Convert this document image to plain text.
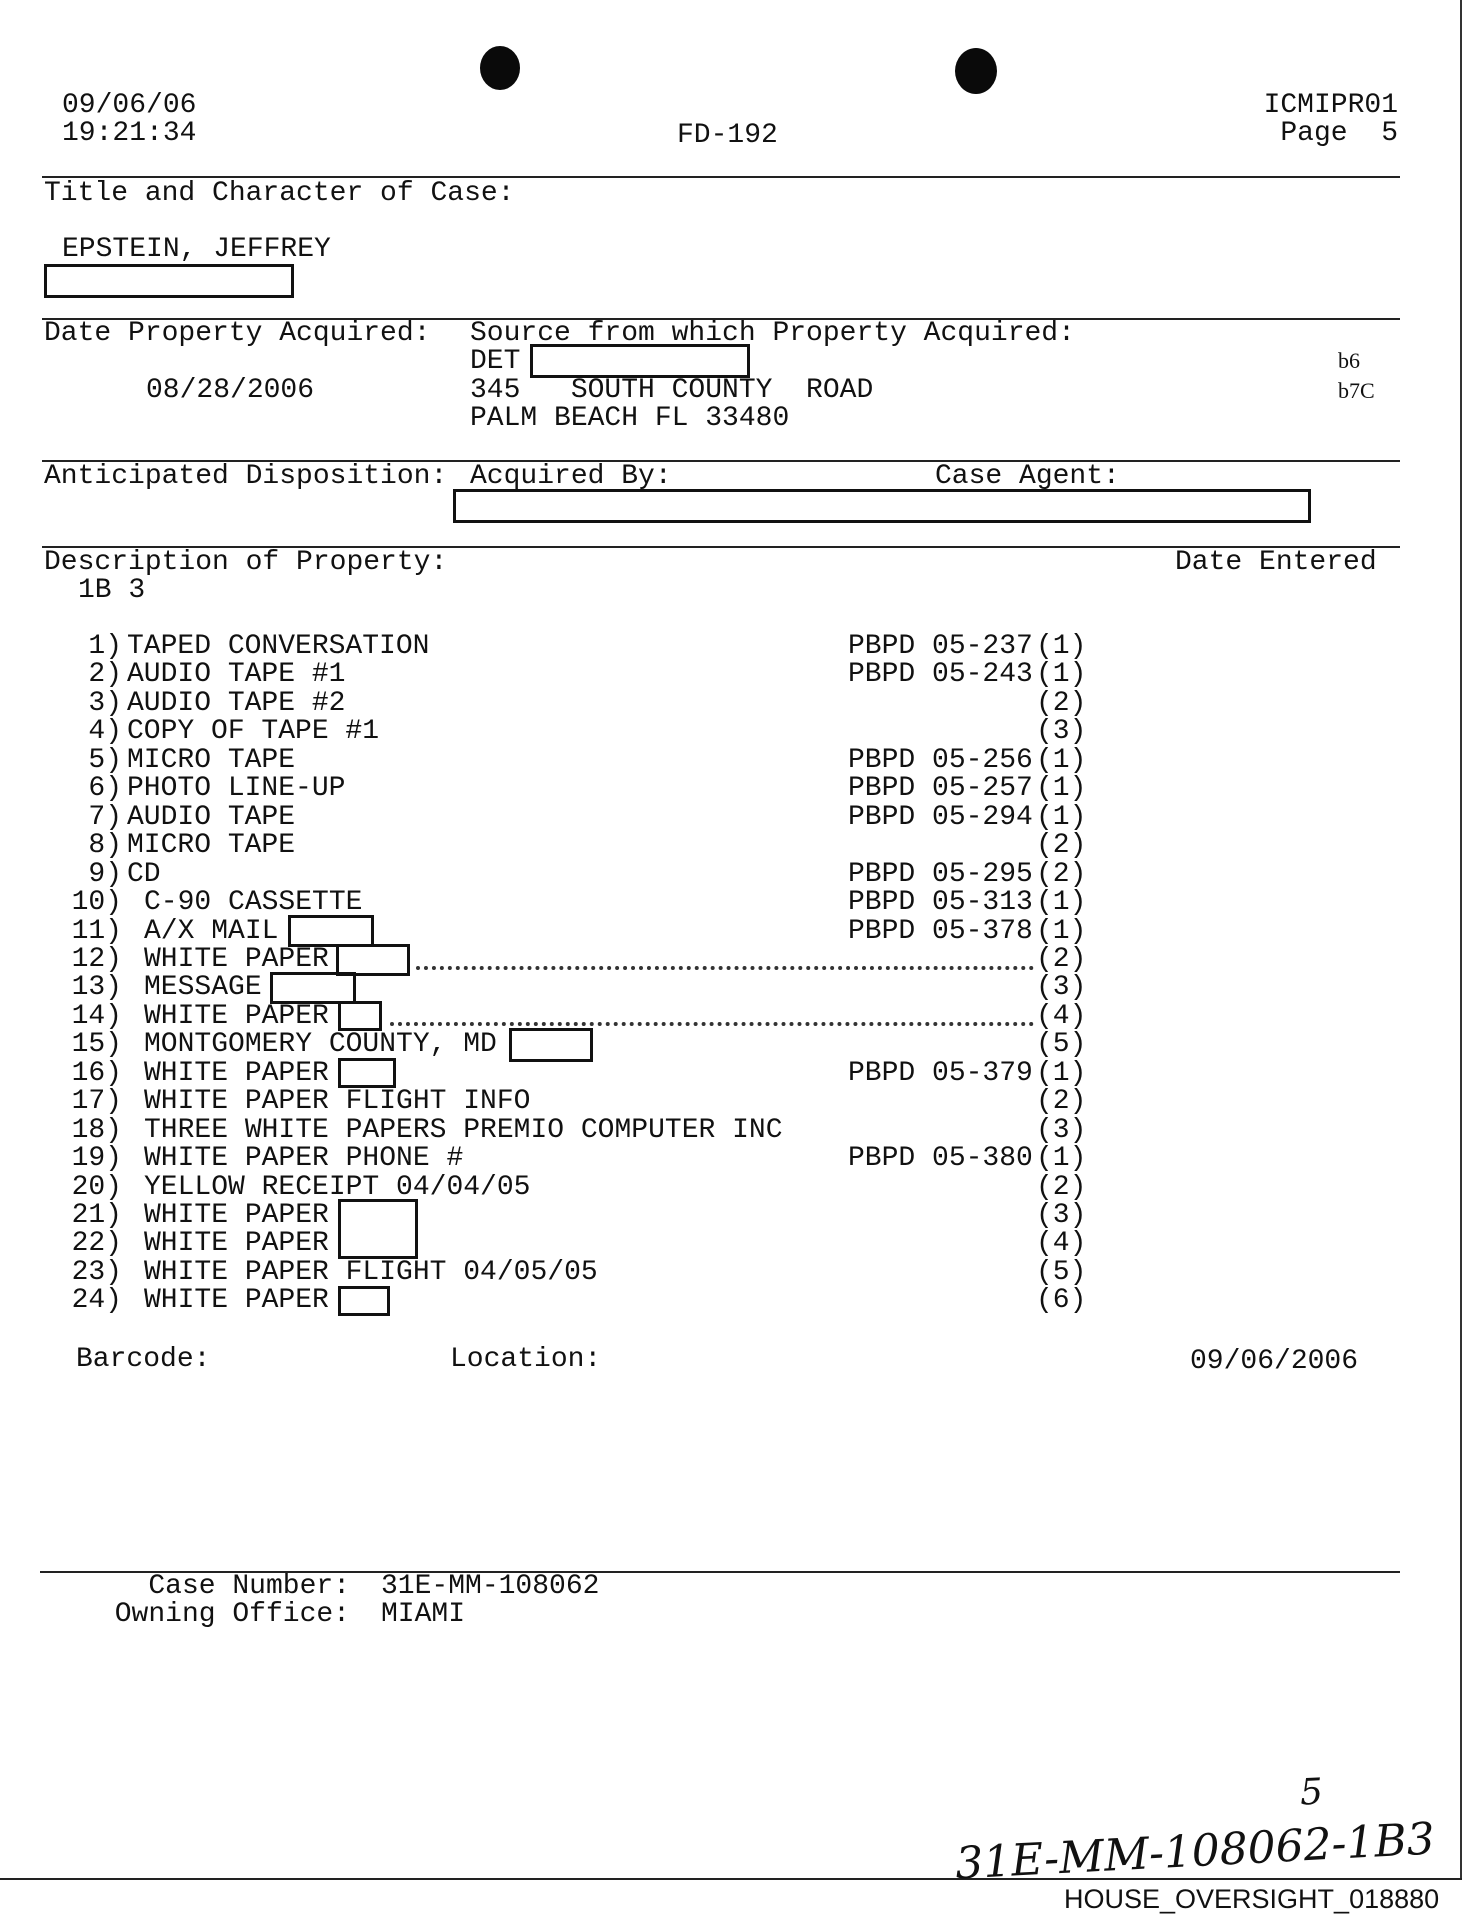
09/06/06
19:21:34	FD-192
ICMIPR01
Page  5
Title and Character of Case:
EPSTEIN, JEFFREY
Date Property Acquired: Source from which Property Acquired:
DET
08/28/2006	345   SOUTH COUNTY  ROAD
PALM BEACH FL 33480
b6
b7C
Anticipated Disposition: Acquired By:	Case Agent:
Description of Property:	Date Entered
1B 3
1) TAPED CONVERSATION	PBPD 05-237 (1)
2) AUDIO TAPE #1	PBPD 05-243 (1)
3) AUDIO TAPE #2	(2)
4) COPY OF TAPE #1	(3)
5) MICRO TAPE	PBPD 05-256 (1)
6) PHOTO LINE-UP	PBPD 05-257 (1)
7) AUDIO TAPE	PBPD 05-294 (1)
8) MICRO TAPE	(2)
9) CD	PBPD 05-295 (2)
10) C-90 CASSETTE	PBPD 05-313 (1)
11) A/X MAIL	PBPD 05-378 (1)
12) WHITE PAPER	(2)
13) MESSAGE	(3)
14) WHITE PAPER	(4)
15) MONTGOMERY COUNTY, MD	(5)
16) WHITE PAPER	PBPD 05-379 (1)
17) WHITE PAPER FLIGHT INFO	(2)
18) THREE WHITE PAPERS PREMIO COMPUTER INC	(3)
19) WHITE PAPER PHONE #	PBPD 05-380 (1)
20) YELLOW RECEIPT 04/04/05	(2)
21) WHITE PAPER	(3)
22) WHITE PAPER	(4)
23) WHITE PAPER FLIGHT 04/05/05	(5)
24) WHITE PAPER	(6)
Barcode:	Location:	09/06/2006
Case Number: 31E-MM-108062
Owning Office: MIAMI
31E-MM-108062-1B3
5
HOUSE_OVERSIGHT_018880
